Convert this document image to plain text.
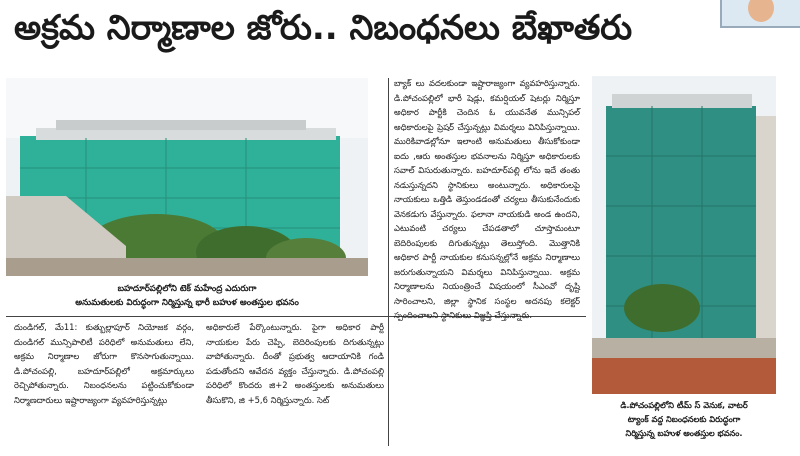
అక్రమ నిర్మాణాల జోరు.. నిబంధనలు బేఖాతరు
బహదూర్‌పల్లిలోని టెక్ మహేంద్ర ఎదురుగా
అనుమతులకు విరుద్ధంగా నిర్మిస్తున్న భారీ బహుళ అంతస్తుల భవనం

దుండిగల్, మే11: కుత్బుల్లాపూర్ నియోజక వర్గం, దుండిగల్ మున్సిపాలిటీ పరిధిలో అనుమతులు లేని, అక్రమ నిర్మాణాల జోరుగా కొనసాగుతున్నాయి. డి.పోచంపల్లి, బహదూర్‌పల్లిలో అక్రమార్కులు రెచ్చిపోతున్నారు. నిబంధనలను పట్టించుకోకుండా నిర్మాణదారులు ఇష్టారాజ్యంగా వ్యవహరిస్తున్నట్లు

అధికారులే పేర్కొంటున్నారు. పైగా అధికార పార్టీ నాయకుల పేరు చెప్పి, బెదిరింపులకు దిగుతున్నట్లు వాపోతున్నారు. దీంతో ప్రభుత్వ ఆదాయానికి గండి పడుతోందని ఆవేదన వ్యక్తం చేస్తున్నారు. డి.పోచంపల్లి పరిధిలో కొందరు జి+2 అంతస్తులకు అనుమతులు తీసుకొని, జి +5,6 నిర్మిస్తున్నారు. సెట్

బ్యాక్ లు వదలకుండా ఇష్టారాజ్యంగా వ్యవహరిస్తున్నారు. డి.పోచంపల్లిలో భారీ షెడ్లు, కమర్షియల్ షెటర్లు నిర్మిస్తూ అధికార పార్టీకి చెందిన ఓ యువనేత మున్సిపల్ అధికారులపై ప్రెషర్ చేస్తున్నట్లు విమర్శలు వినిపిస్తున్నాయి. మురికివాడల్లోనూ ఇలాంటి అనుమతులు తీసుకోకుండా ఐదు ,ఆరు అంతస్తుల భవనాలను నిర్మిస్తూ అధికారులకు సవాల్ విసురుతున్నారు. బహదూర్‌పల్లి లోను ఇదే తంతు నడుస్తున్నదని స్థానికులు అంటున్నారు. అధికారులపై నాయకులు ఒత్తిడి తెస్తుండడంతో చర్యలు తీసుకునేందుకు వెనకడుగు వేస్తున్నారు. ఫలానా నాయకుడి అండ ఉందని, ఎటువంటి చర్యలు చేపడతాలో చూస్తామంటూ బెదిరింపులకు దిగుతున్నట్లు తెలుస్తోంది. మొత్తానికి అధికార పార్టీ నాయకుల కనుసన్నల్లోనే అక్రమ నిర్మాణాలు జరుగుతున్నాయని విమర్శలు వినిపిస్తున్నాయి. అక్రమ నిర్మాణాలను నియంత్రించే విషయంలో సీఎంవో దృష్టి సారించాలని, జిల్లా స్థానిక సంస్థల అదనపు కలెక్టర్ స్పందించాలని స్థానికులు విజ్ఞప్తి చేస్తున్నారు.

డి.పోచంపల్లిలోని టీమ్ స్ వెనుక, వాటర్
ట్యాంక్ వద్ద నిబంధనలకు విరుద్ధంగా
నిర్మిస్తున్న బహుళ అంతస్తుల భవనం.
